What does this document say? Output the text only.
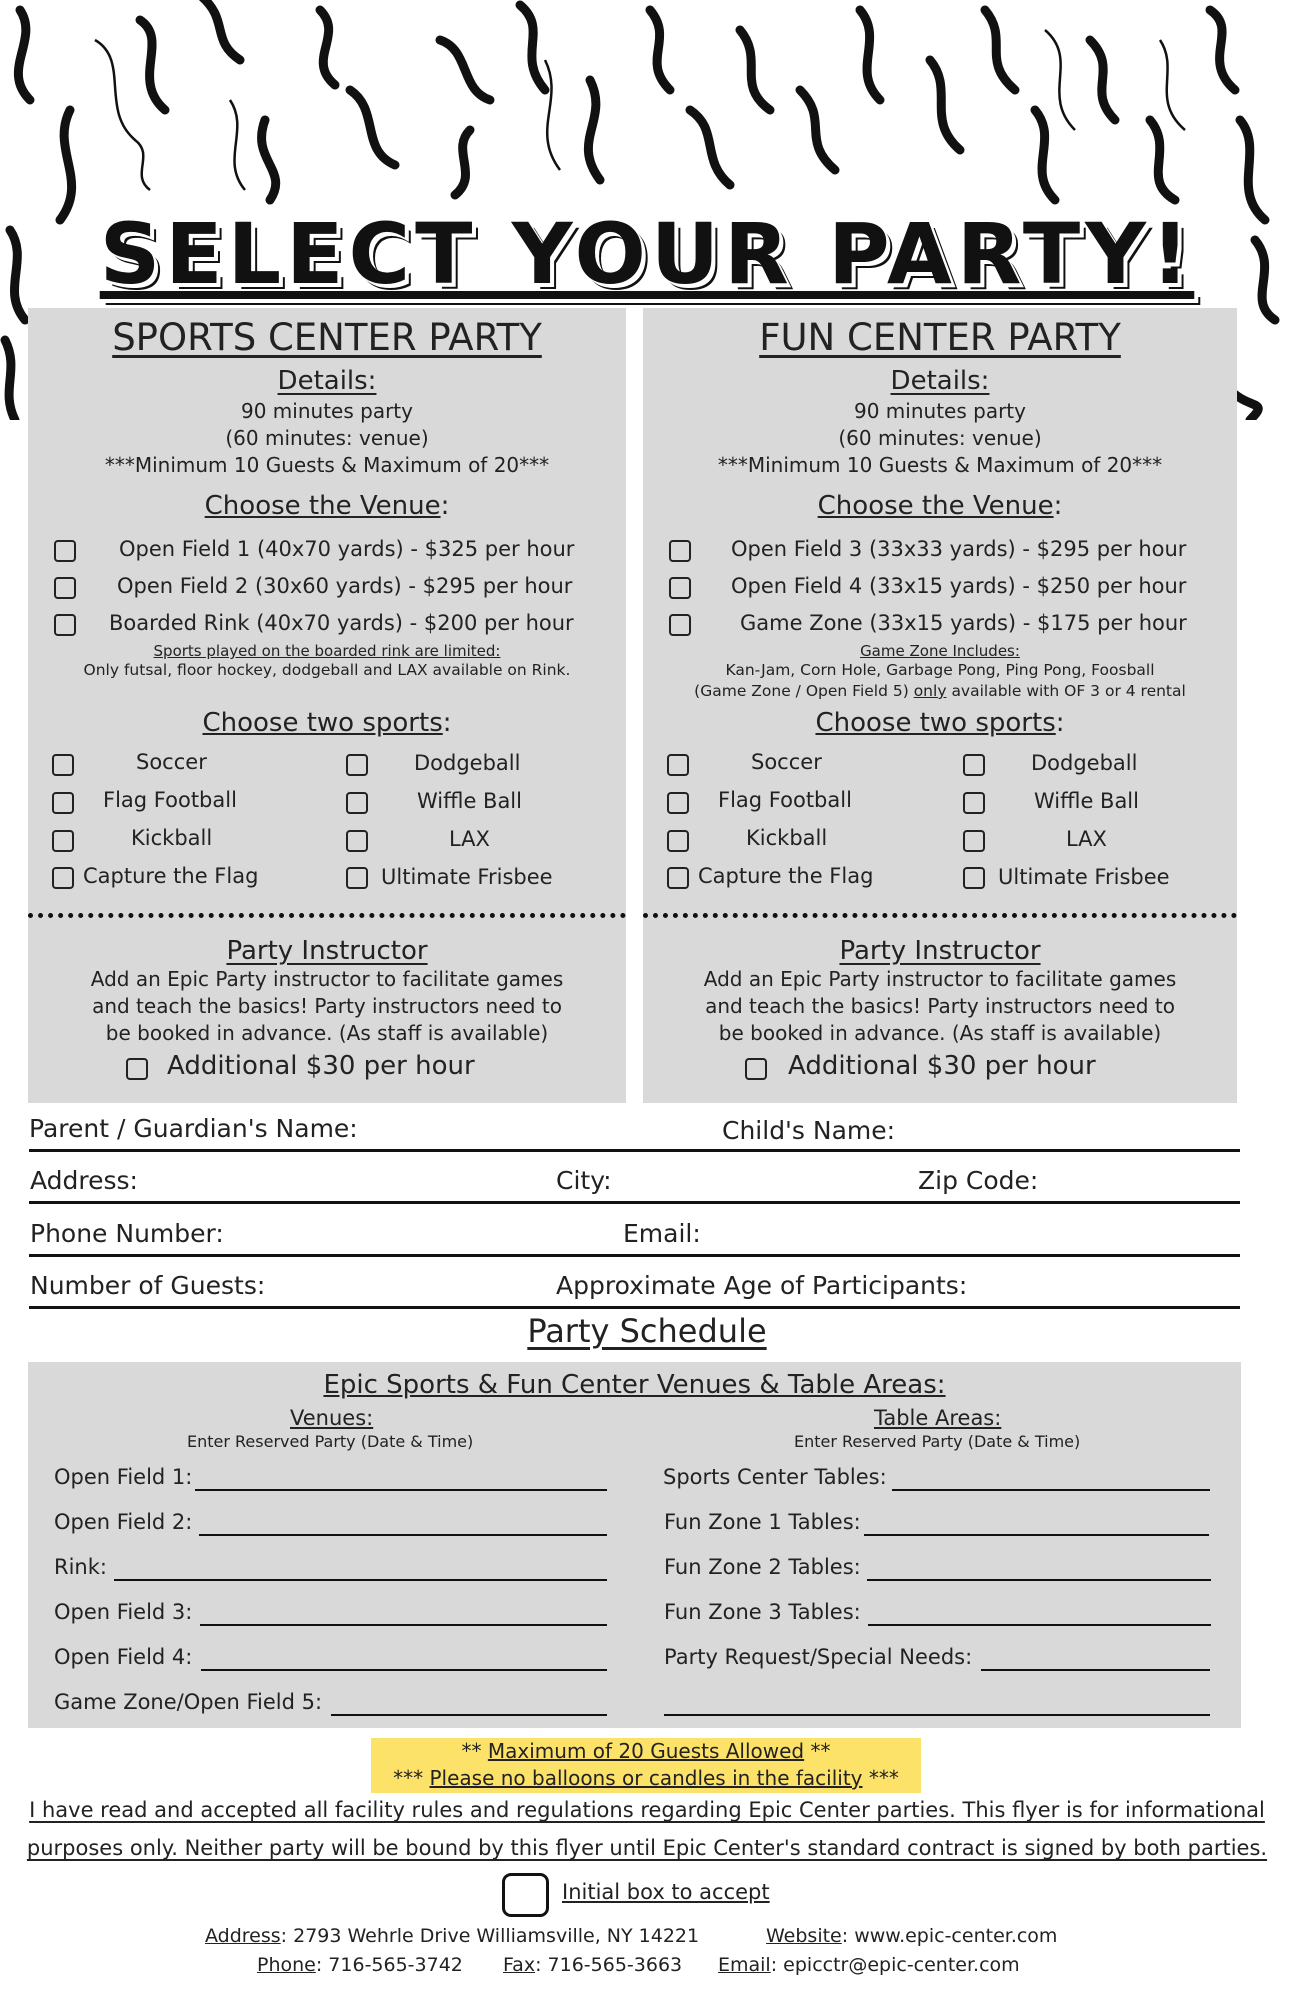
SELECT YOUR PARTY!
SPORTS CENTER PARTY
Details:
90 minutes party
(60 minutes: venue)
***Minimum 10 Guests & Maximum of 20***
Choose the Venue:
Open Field 1 (40x70 yards) - $325 per hour
Open Field 2 (30x60 yards) - $295 per hour
Boarded Rink (40x70 yards) - $200 per hour
Sports played on the boarded rink are limited:
Only futsal, floor hockey, dodgeball and LAX available on Rink.
Choose two sports:
Soccer
Flag Football
Kickball
Capture the Flag
Dodgeball
Wiffle Ball
LAX
Ultimate Frisbee
Party Instructor
Add an Epic Party instructor to facilitate games
and teach the basics! Party instructors need to
be booked in advance. (As staff is available)
Additional $30 per hour
FUN CENTER PARTY
Details:
90 minutes party
(60 minutes: venue)
***Minimum 10 Guests & Maximum of 20***
Choose the Venue:
Open Field 3 (33x33 yards) - $295 per hour
Open Field 4 (33x15 yards) - $250 per hour
Game Zone (33x15 yards) - $175 per hour
Game Zone Includes:
Kan-Jam, Corn Hole, Garbage Pong, Ping Pong, Foosball
(Game Zone / Open Field 5) only available with OF 3 or 4 rental
Choose two sports:
Soccer
Flag Football
Kickball
Capture the Flag
Dodgeball
Wiffle Ball
LAX
Ultimate Frisbee
Party Instructor
Add an Epic Party instructor to facilitate games
and teach the basics! Party instructors need to
be booked in advance. (As staff is available)
Additional $30 per hour
Parent / Guardian's Name:	Child's Name:
Address:	City:	Zip Code:
Phone Number:	Email:
Number of Guests:	Approximate Age of Participants:
Party Schedule
Epic Sports & Fun Center Venues & Table Areas:
Venues:
Enter Reserved Party (Date & Time)
Table Areas:
Enter Reserved Party (Date & Time)
Open Field 1:
Open Field 2:
Rink:
Open Field 3:
Open Field 4:
Game Zone/Open Field 5:
Sports Center Tables:
Fun Zone 1 Tables:
Fun Zone 2 Tables:
Fun Zone 3 Tables:
Party Request/Special Needs:
** Maximum of 20 Guests Allowed **
*** Please no balloons or candles in the facility ***
I have read and accepted all facility rules and regulations regarding Epic Center parties. This flyer is for informational
purposes only. Neither party will be bound by this flyer until Epic Center's standard contract is signed by both parties.
Initial box to accept
Address: 2793 Wehrle Drive Williamsville, NY 14221	Website: www.epic-center.com
Phone: 716-565-3742 Fax: 716-565-3663 Email: epicctr@epic-center.com
